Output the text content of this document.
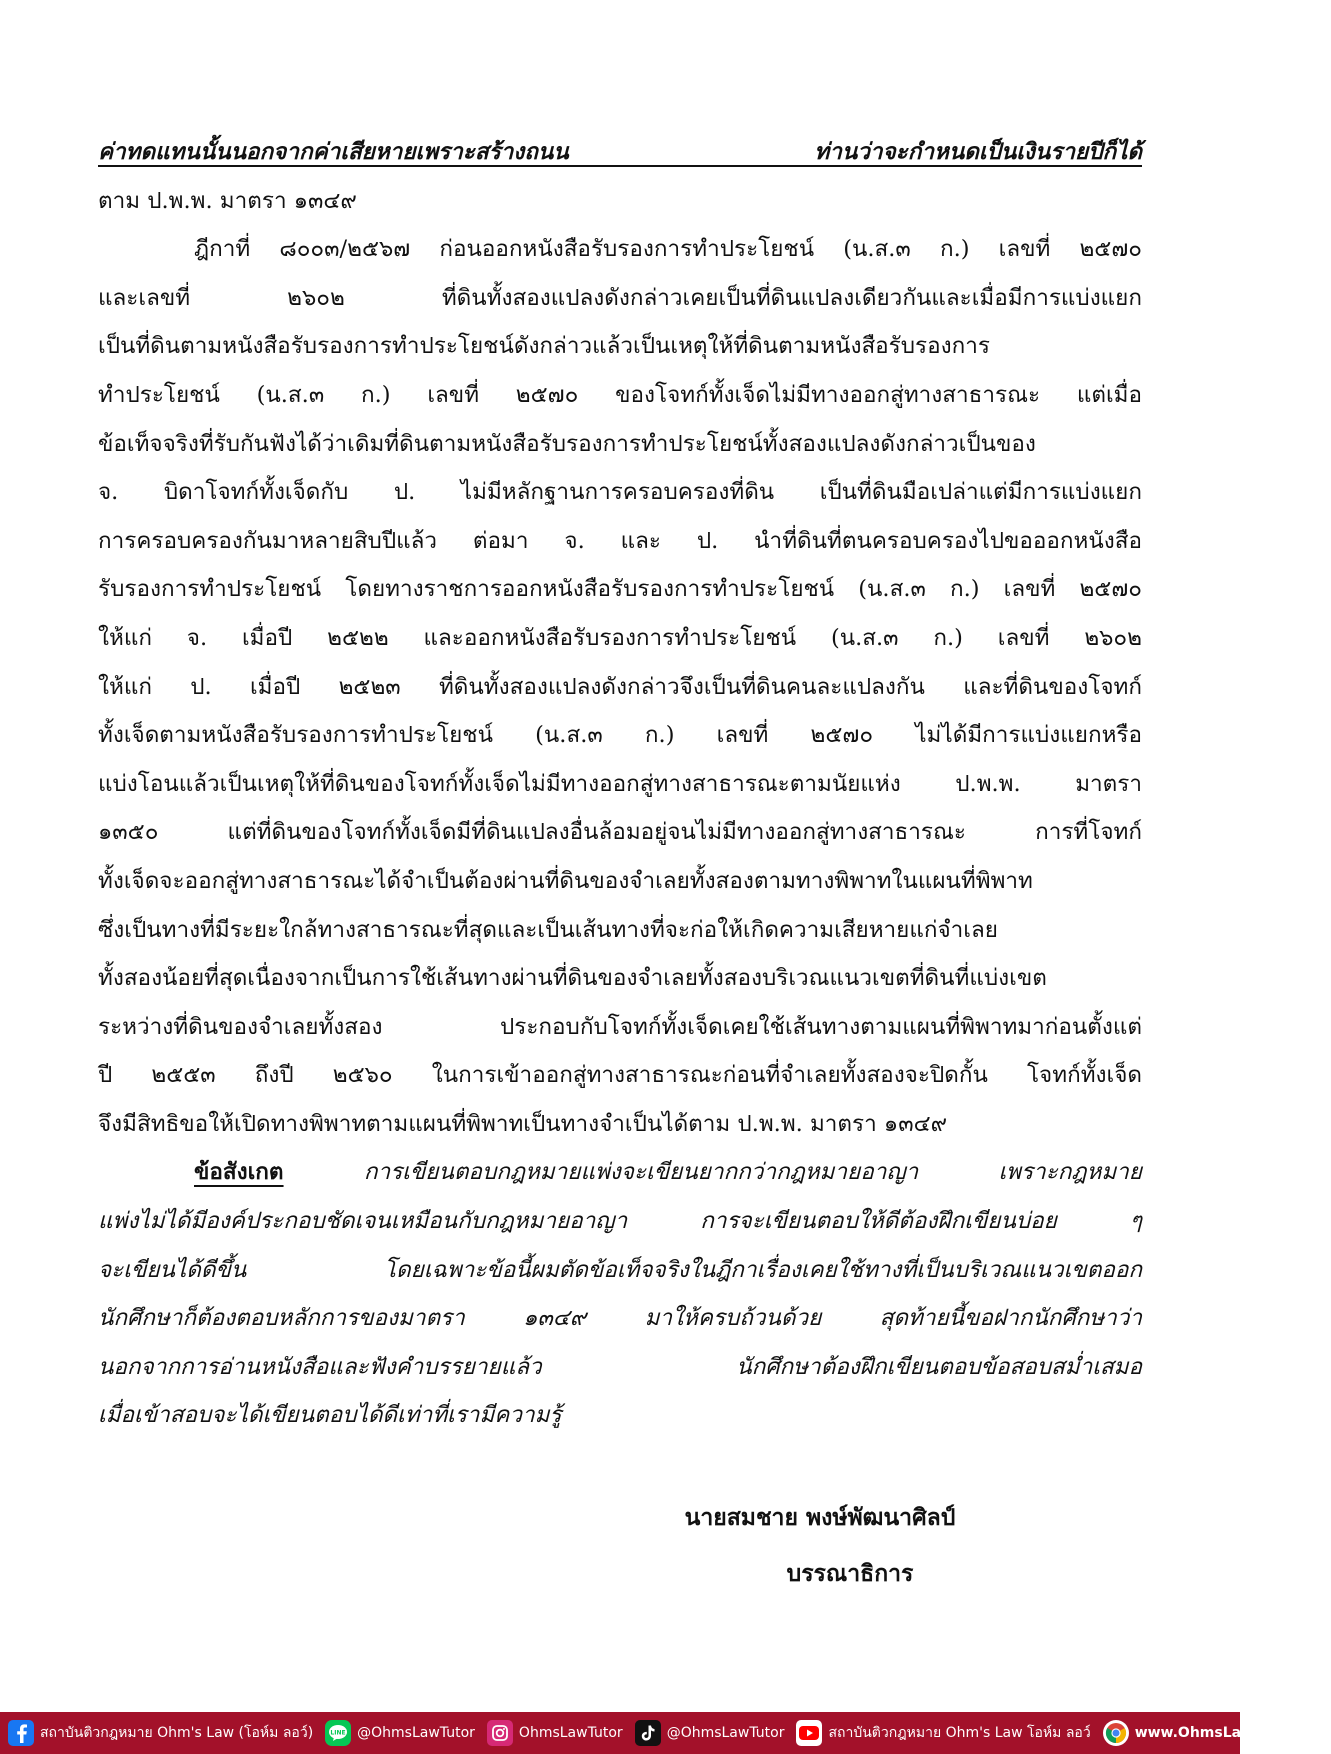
ค่าทดแทนนั้นนอกจากค่าเสียหายเพราะสร้างถนน ท่านว่าจะกำหนดเป็นเงินรายปีก็ได้
ตาม ป.พ.พ. มาตรา ๑๓๔๙
ฎีกาที่ ๘๐๐๓/๒๕๖๗ ก่อนออกหนังสือรับรองการทำประโยชน์ (น.ส.๓ ก.) เลขที่ ๒๕๗๐
และเลขที่ ๒๖๐๒ ที่ดินทั้งสองแปลงดังกล่าวเคยเป็นที่ดินแปลงเดียวกันและเมื่อมีการแบ่งแยก
เป็นที่ดินตามหนังสือรับรองการทำประโยชน์ดังกล่าวแล้วเป็นเหตุให้ที่ดินตามหนังสือรับรองการ
ทำประโยชน์ (น.ส.๓ ก.) เลขที่ ๒๕๗๐ ของโจทก์ทั้งเจ็ดไม่มีทางออกสู่ทางสาธารณะ แต่เมื่อ
ข้อเท็จจริงที่รับกันฟังได้ว่าเดิมที่ดินตามหนังสือรับรองการทำประโยชน์ทั้งสองแปลงดังกล่าวเป็นของ
จ. บิดาโจทก์ทั้งเจ็ดกับ ป. ไม่มีหลักฐานการครอบครองที่ดิน เป็นที่ดินมือเปล่าแต่มีการแบ่งแยก
การครอบครองกันมาหลายสิบปีแล้ว ต่อมา จ. และ ป. นำที่ดินที่ตนครอบครองไปขอออกหนังสือ
รับรองการทำประโยชน์ โดยทางราชการออกหนังสือรับรองการทำประโยชน์ (น.ส.๓ ก.) เลขที่ ๒๕๗๐
ให้แก่ จ. เมื่อปี ๒๕๒๒ และออกหนังสือรับรองการทำประโยชน์ (น.ส.๓ ก.) เลขที่ ๒๖๐๒
ให้แก่ ป. เมื่อปี ๒๕๒๓ ที่ดินทั้งสองแปลงดังกล่าวจึงเป็นที่ดินคนละแปลงกัน และที่ดินของโจทก์
ทั้งเจ็ดตามหนังสือรับรองการทำประโยชน์ (น.ส.๓ ก.) เลขที่ ๒๕๗๐ ไม่ได้มีการแบ่งแยกหรือ
แบ่งโอนแล้วเป็นเหตุให้ที่ดินของโจทก์ทั้งเจ็ดไม่มีทางออกสู่ทางสาธารณะตามนัยแห่ง ป.พ.พ. มาตรา
๑๓๕๐ แต่ที่ดินของโจทก์ทั้งเจ็ดมีที่ดินแปลงอื่นล้อมอยู่จนไม่มีทางออกสู่ทางสาธารณะ การที่โจทก์
ทั้งเจ็ดจะออกสู่ทางสาธารณะได้จำเป็นต้องผ่านที่ดินของจำเลยทั้งสองตามทางพิพาทในแผนที่พิพาท
ซึ่งเป็นทางที่มีระยะใกล้ทางสาธารณะที่สุดและเป็นเส้นทางที่จะก่อให้เกิดความเสียหายแก่จำเลย
ทั้งสองน้อยที่สุดเนื่องจากเป็นการใช้เส้นทางผ่านที่ดินของจำเลยทั้งสองบริเวณแนวเขตที่ดินที่แบ่งเขต
ระหว่างที่ดินของจำเลยทั้งสอง ประกอบกับโจทก์ทั้งเจ็ดเคยใช้เส้นทางตามแผนที่พิพาทมาก่อนตั้งแต่
ปี ๒๕๕๓ ถึงปี ๒๕๖๐ ในการเข้าออกสู่ทางสาธารณะก่อนที่จำเลยทั้งสองจะปิดกั้น โจทก์ทั้งเจ็ด
จึงมีสิทธิขอให้เปิดทางพิพาทตามแผนที่พิพาทเป็นทางจำเป็นได้ตาม ป.พ.พ. มาตรา ๑๓๔๙
ข้อสังเกต	การเขียนตอบกฎหมายแพ่งจะเขียนยากกว่ากฎหมายอาญา เพราะกฎหมาย
แพ่งไม่ได้มีองค์ประกอบชัดเจนเหมือนกับกฎหมายอาญา การจะเขียนตอบให้ดีต้องฝึกเขียนบ่อย ๆ
จะเขียนได้ดีขึ้น โดยเฉพาะข้อนี้ผมตัดข้อเท็จจริงในฎีกาเรื่องเคยใช้ทางที่เป็นบริเวณแนวเขตออก
นักศึกษาก็ต้องตอบหลักการของมาตรา ๑๓๔๙ มาให้ครบถ้วนด้วย สุดท้ายนี้ขอฝากนักศึกษาว่า
นอกจากการอ่านหนังสือและฟังคำบรรยายแล้ว นักศึกษาต้องฝึกเขียนตอบข้อสอบสม่ำเสมอ
เมื่อเข้าสอบจะได้เขียนตอบได้ดีเท่าที่เรามีความรู้
นายสมชาย พงษ์พัฒนาศิลป์
บรรณาธิการ
สถาบันติวกฎหมาย Ohm's Law (โอห์ม ลอว์)	LINE @OhmsLawTutor	OhmsLawTutor	@OhmsLawTutor	สถาบันติวกฎหมาย Ohm's Law โอห์ม ลอว์	www.OhmsLawTutor.com
